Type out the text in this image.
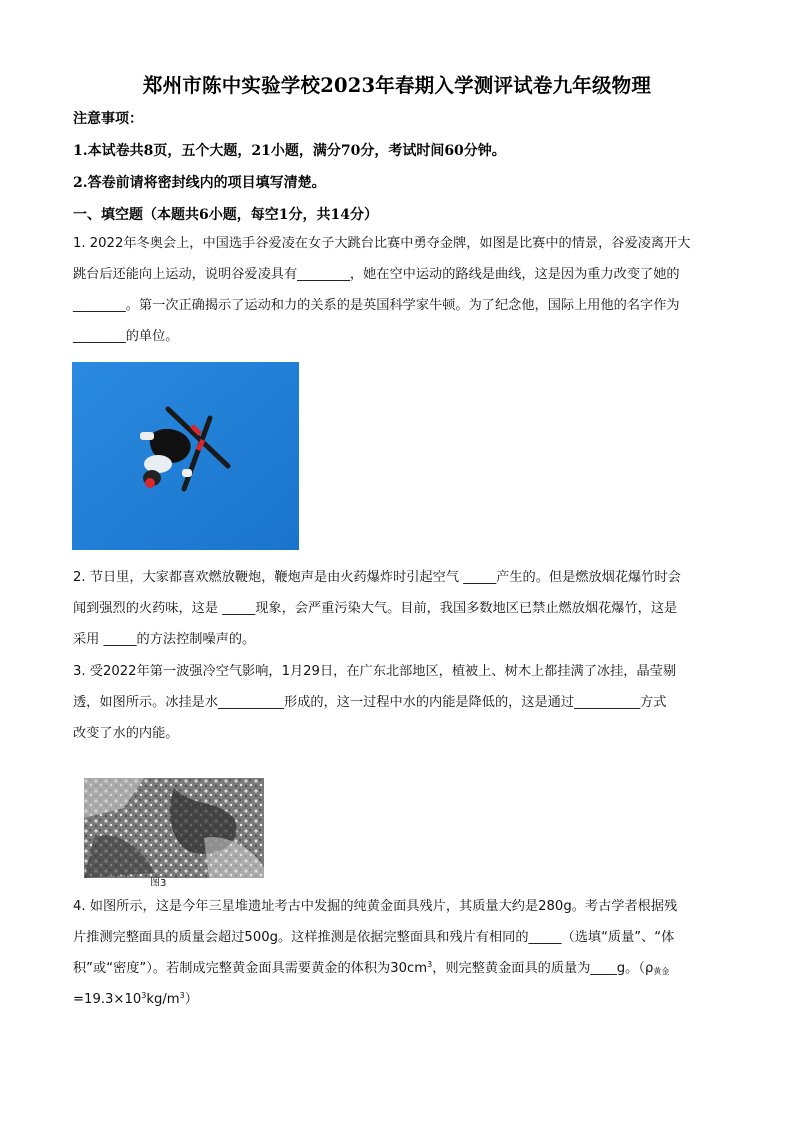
郑州市陈中实验学校2023年春期入学测评试卷九年级物理
注意事项：
1.本试卷共8页，五个大题，21小题，满分70分，考试时间60分钟。
2.答卷前请将密封线内的项目填写清楚。
一、填空题（本题共6小题，每空1分，共14分）
1. 2022年冬奥会上，中国选手谷爱凌在女子大跳台比赛中勇夺金牌，如图是比赛中的情景，谷爱凌离开大
跳台后还能向上运动，说明谷爱凌具有________，她在空中运动的路线是曲线，这是因为重力改变了她的
________。第一次正确揭示了运动和力的关系的是英国科学家牛顿。为了纪念他，国际上用他的名字作为
________的单位。
2. 节日里，大家都喜欢燃放鞭炮，鞭炮声是由火药爆炸时引起空气 _____产生的。但是燃放烟花爆竹时会
闻到强烈的火药味，这是 _____现象，会严重污染大气。目前，我国多数地区已禁止燃放烟花爆竹，这是
采用 _____的方法控制噪声的。
3. 受2022年第一波强冷空气影响，1月29日，在广东北部地区，植被上、树木上都挂满了冰挂，晶莹剔
透，如图所示。冰挂是水__________形成的，这一过程中水的内能是降低的，这是通过__________方式
改变了水的内能。
图3
4. 如图所示，这是今年三星堆遗址考古中发掘的纯黄金面具残片，其质量大约是280g。考古学者根据残
片推测完整面具的质量会超过500g。这样推测是依据完整面具和残片有相同的_____（选填“质量”、“体
积”或“密度”）。若制成完整黄金面具需要黄金的体积为$30cm^3$，则完整黄金面具的质量为____g。（$\rho_{黄金}$
$=19.3\times 10^3kg/m^3$）
